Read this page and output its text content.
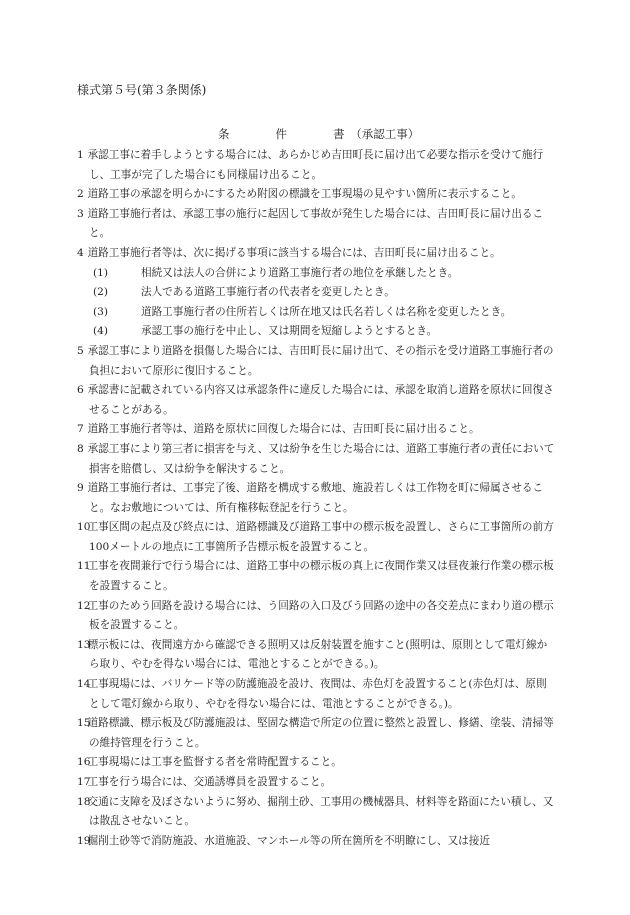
様式第５号(第３条関係)
条　　　　件　　　　書　（承認工事）
1
　 承認工事に着手しようとする場合には、あらかじめ吉田町長に届け出て必要な指示を受けて施行し、工事が完了した場合にも同様届け出ること。
2
　 道路工事の承認を明らかにするため附図の標識を工事現場の見やすい箇所に表示すること。
3
　 道路工事施行者は、承認工事の施行に起因して事故が発生した場合には、吉田町長に届け出ること。
4
　 道路工事施行者等は、次に掲げる事項に該当する場合には、吉田町長に届け出ること。
(1)	相続又は法人の合併により道路工事施行者の地位を承継したとき。
(2)	法人である道路工事施行者の代表者を変更したとき。
(3)	道路工事施行者の住所若しくは所在地又は氏名若しくは名称を変更したとき。
(4)	承認工事の施行を中止し、又は期間を短縮しようとするとき。
5
　 承認工事により道路を損傷した場合には、吉田町長に届け出て、その指示を受け道路工事施行者の負担において原形に復旧すること。
6
　 承認書に記載されている内容又は承認条件に違反した場合には、承認を取消し道路を原状に回復させることがある。
7
　 道路工事施行者等は、道路を原状に回復した場合には、吉田町長に届け出ること。
8
　 承認工事により第三者に損害を与え、又は紛争を生じた場合には、道路工事施行者の責任において損害を賠償し、又は紛争を解決すること。
9
　 道路工事施行者は、工事完了後、道路を構成する敷地、施設若しくは工作物を町に帰属させること。なお敷地については、所有権移転登記を行うこと。
10
　工事区間の起点及び終点には、道路標識及び道路工事中の標示板を設置し、さらに工事箇所の前方100メートルの地点に工事箇所予告標示板を設置すること。
11
　工事を夜間兼行で行う場合には、道路工事中の標示板の真上に夜間作業又は昼夜兼行作業の標示板を設置すること。
12
　工事のためう回路を設ける場合には、う回路の入口及びう回路の途中の各交差点にまわり道の標示板を設置すること。
13
　標示板には、夜間遠方から確認できる照明又は反射装置を施すこと(照明は、原則として電灯線から取り、やむを得ない場合には、電池とすることができる。)。
14
　工事現場には、バリケード等の防護施設を設け、夜間は、赤色灯を設置すること(赤色灯は、原則として電灯線から取り、やむを得ない場合には、電池とすることができる。)。
15
　道路標識、標示板及び防護施設は、堅固な構造で所定の位置に整然と設置し、修繕、塗装、清掃等の維持管理を行うこと。
16
　工事現場には工事を監督する者を常時配置すること。
17
　工事を行う場合には、交通誘導員を設置すること。
18
　交通に支障を及ぼさないように努め、掘削土砂、工事用の機械器具、材料等を路面にたい積し、又は散乱させないこと。
19
　掘削土砂等で消防施設、水道施設、マンホール等の所在箇所を不明瞭にし、又は接近
